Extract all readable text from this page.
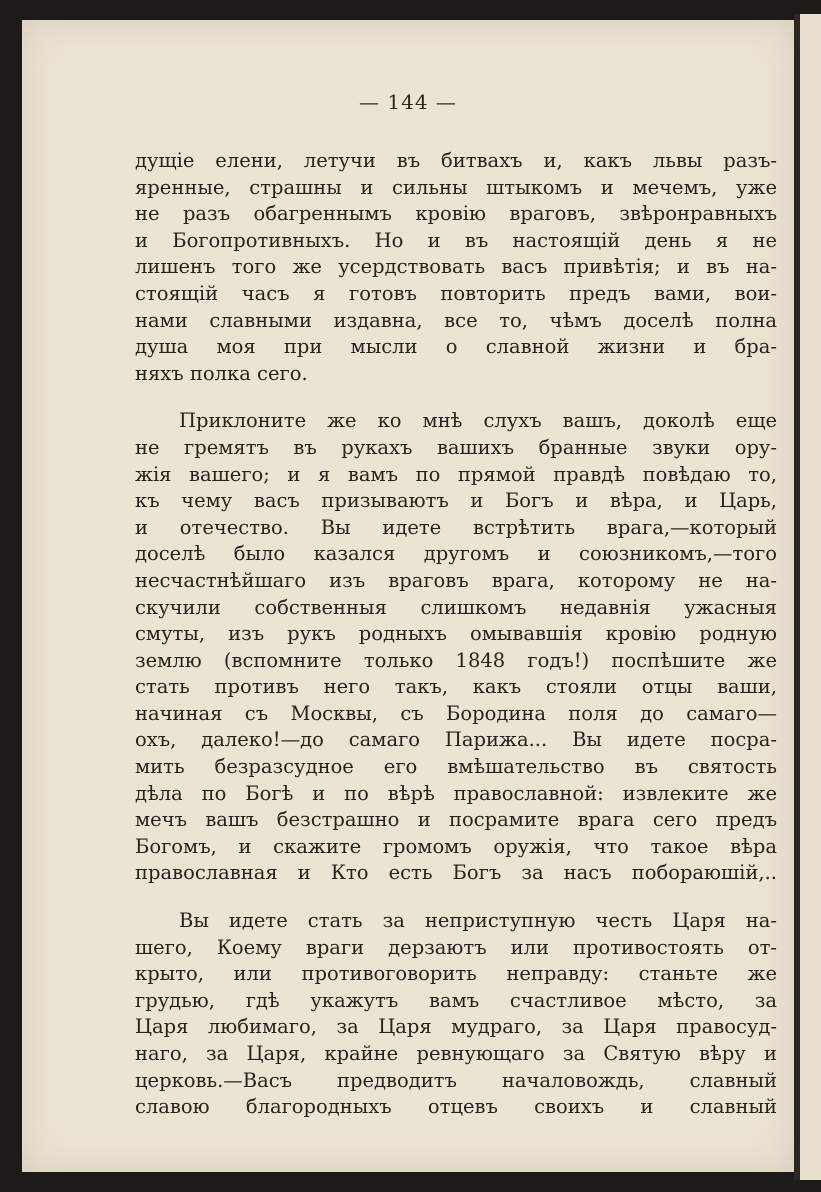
— 144 —

дущіе елени, летучи въ битвахъ и, какъ львы разъ-
яренные, страшны и сильны штыкомъ и мечемъ, уже
не разъ обагреннымъ кровію враговъ, звѣронравныхъ
и Богопротивныхъ. Но и въ настоящій день я не
лишенъ того же усердствовать васъ привѣтія; и въ на-
стоящій часъ я готовъ повторить предъ вами, вои-
нами славными издавна, все то, чѣмъ доселѣ полна
душа моя при мысли о славной жизни и бра-
няхъ полка сего.

Приклоните же ко мнѣ слухъ вашъ, доколѣ еще
не гремятъ въ рукахъ вашихъ бранные звуки ору-
жія вашего; и я вамъ по прямой правдѣ повѣдаю то,
къ чему васъ призываютъ и Богъ и вѣра, и Царь,
и отечество. Вы идете встрѣтить врага,—который
доселѣ было казался другомъ и союзникомъ,—того
несчастнѣйшаго изъ враговъ врага, которому не на-
скучили собственныя слишкомъ недавнія ужасныя
смуты, изъ рукъ родныхъ омывавшія кровію родную
землю (вспомните только 1848 годъ!) поспѣшите же
стать противъ него такъ, какъ стояли отцы ваши,
начиная съ Москвы, съ Бородина поля до самаго—
охъ, далеко!—до самаго Парижа... Вы идете посра-
мить безразсудное его вмѣшательство въ святость
дѣла по Богѣ и по вѣрѣ православной: извлеките же
мечъ вашъ безстрашно и посрамите врага сего предъ
Богомъ, и скажите громомъ оружія, что такое вѣра
православная и Кто есть Богъ за насъ побораюшій,..

Вы идете стать за неприступную честь Царя на-
шего, Коему враги дерзаютъ или противостоять от-
крыто, или противоговорить неправду: станьте же
грудью, гдѣ укажутъ вамъ счастливое мѣсто, за
Царя любимаго, за Царя мудраго, за Царя правосуд-
наго, за Царя, крайне ревнующаго за Святую вѣру и
церковь.—Васъ предводитъ началовождь, славный
славою благородныхъ отцевъ своихъ и славный
